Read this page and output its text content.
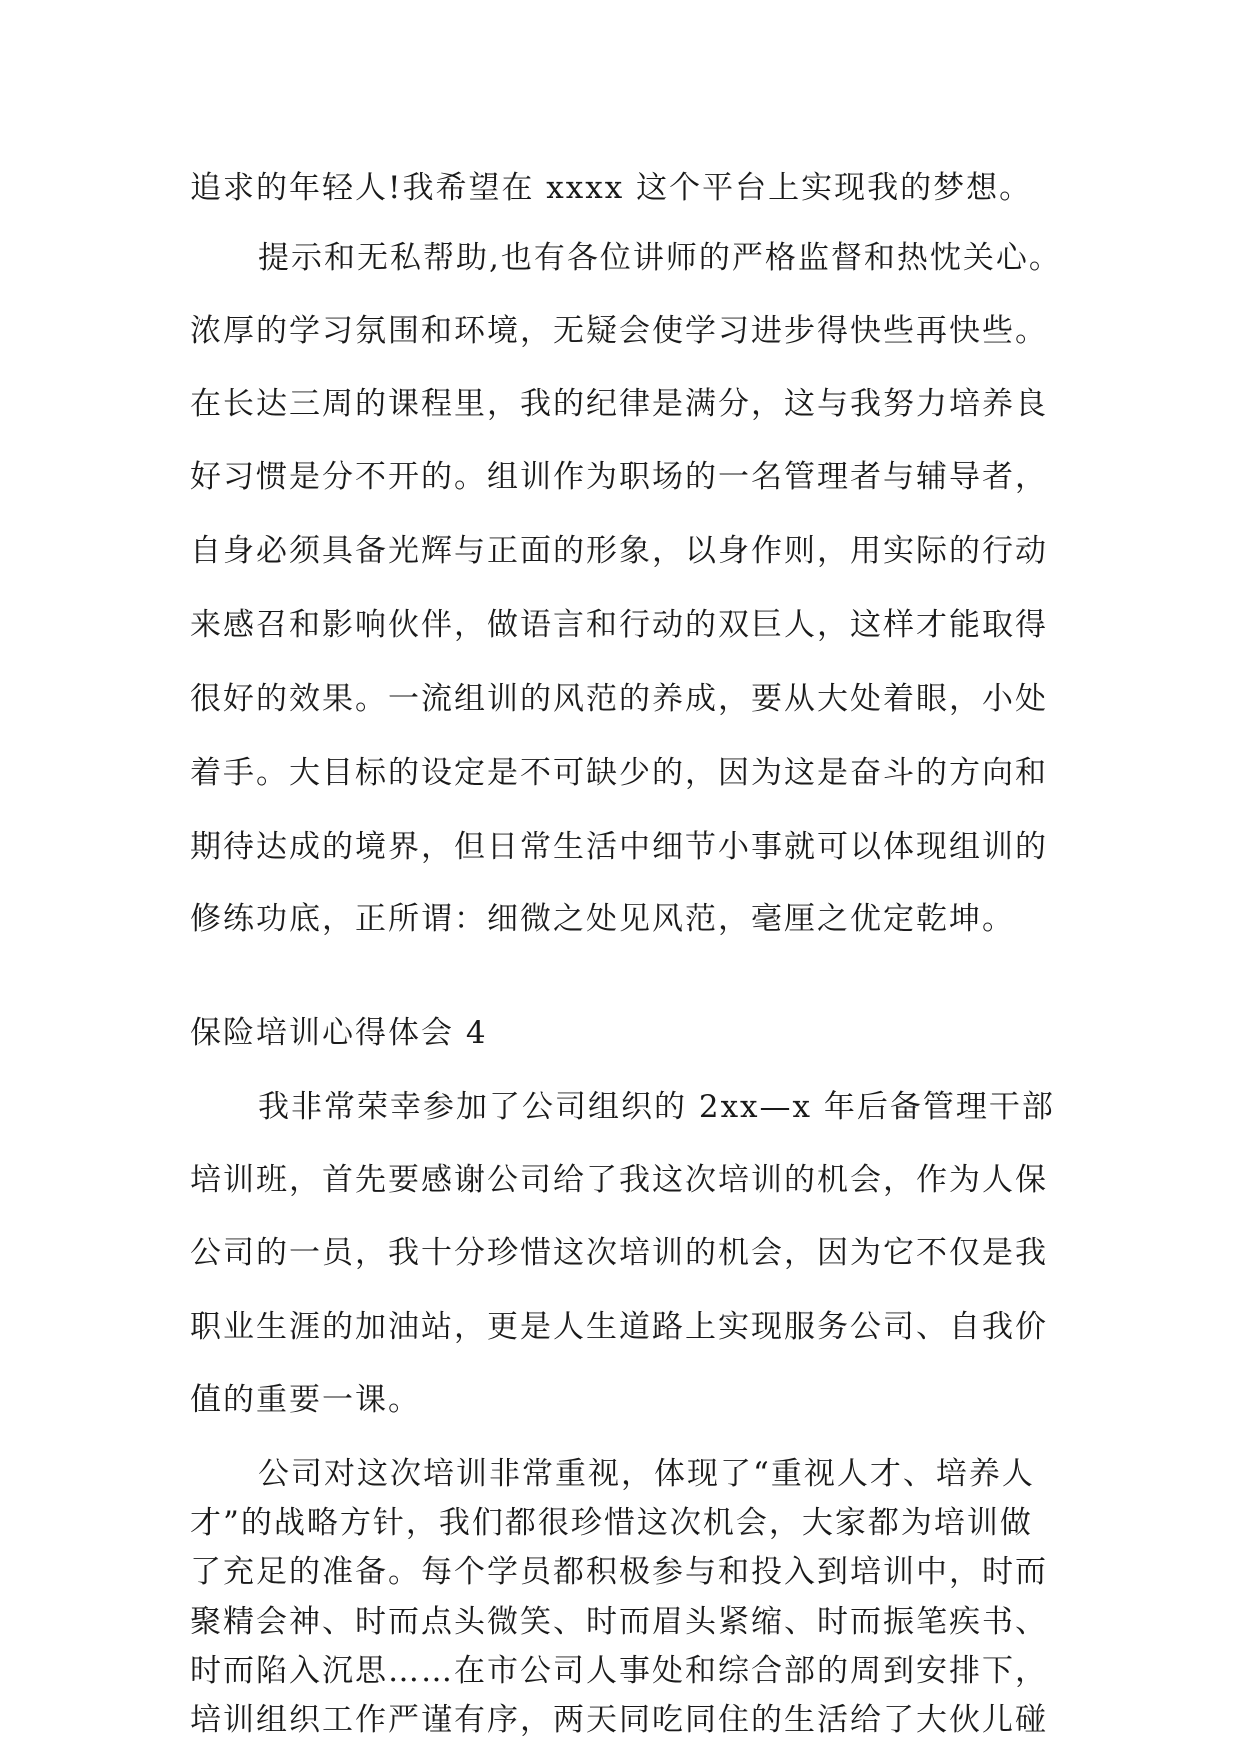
追求的年轻人!我希望在 xxxx 这个平台上实现我的梦想。
提示和无私帮助,也有各位讲师的严格监督和热忱关心。
浓厚的学习氛围和环境，无疑会使学习进步得快些再快些。
在长达三周的课程里，我的纪律是满分，这与我努力培养良
好习惯是分不开的。组训作为职场的一名管理者与辅导者，
自身必须具备光辉与正面的形象，以身作则，用实际的行动
来感召和影响伙伴，做语言和行动的双巨人，这样才能取得
很好的效果。一流组训的风范的养成，要从大处着眼，小处
着手。大目标的设定是不可缺少的，因为这是奋斗的方向和
期待达成的境界，但日常生活中细节小事就可以体现组训的
修练功底，正所谓：细微之处见风范，毫厘之优定乾坤。
保险培训心得体会 4
我非常荣幸参加了公司组织的 2xx—x 年后备管理干部
培训班，首先要感谢公司给了我这次培训的机会，作为人保
公司的一员，我十分珍惜这次培训的机会，因为它不仅是我
职业生涯的加油站，更是人生道路上实现服务公司、自我价
值的重要一课。
公司对这次培训非常重视，体现了“重视人才、培养人
才”的战略方针，我们都很珍惜这次机会，大家都为培训做
了充足的准备。每个学员都积极参与和投入到培训中，时而
聚精会神、时而点头微笑、时而眉头紧缩、时而振笔疾书、
时而陷入沉思……在市公司人事处和综合部的周到安排下，
培训组织工作严谨有序，两天同吃同住的生活给了大伙儿碰
